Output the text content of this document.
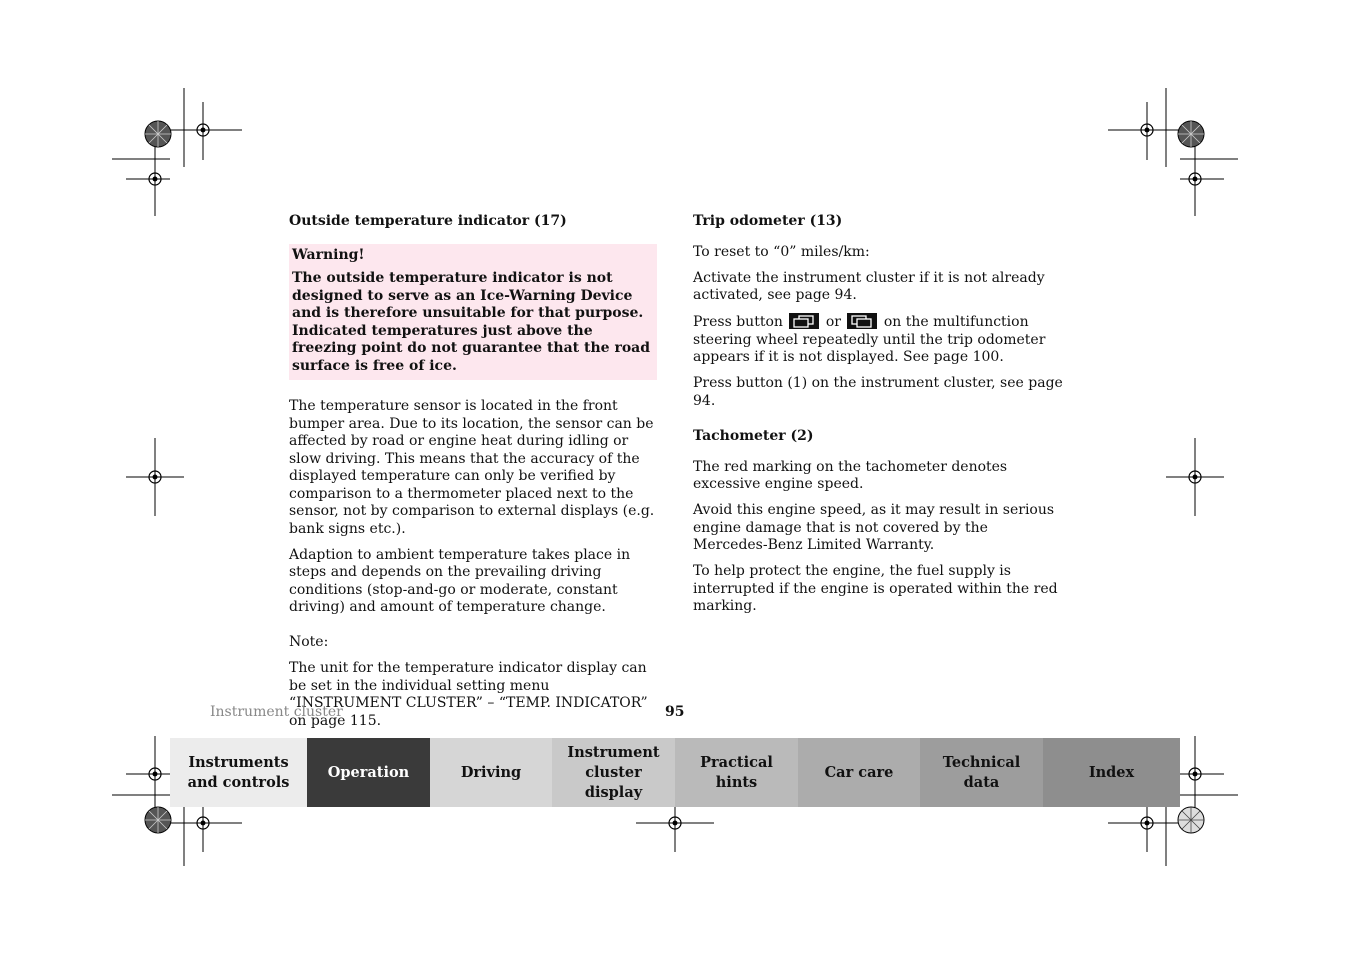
Outside temperature indicator (17)

Warning!

The outside temperature indicator is not designed to serve as an Ice-Warning Device and is therefore unsuitable for that purpose. Indicated temperatures just above the freezing point do not guarantee that the road surface is free of ice.

The temperature sensor is located in the front bumper area. Due to its location, the sensor can be affected by road or engine heat during idling or slow driving. This means that the accuracy of the displayed temperature can only be verified by comparison to a thermometer placed next to the sensor, not by comparison to external displays (e.g. bank signs etc.).

Adaption to ambient temperature takes place in steps and depends on the prevailing driving conditions (stop-and-go or moderate, constant driving) and amount of temperature change.

Note:

The unit for the temperature indicator display can be set in the individual setting menu “INSTRUMENT CLUSTER” – “TEMP. INDICATOR” on page 115.

Trip odometer (13)

To reset to “0” miles/km:

Activate the instrument cluster if it is not already activated, see page 94.

Press button	or	on the multifunction steering wheel repeatedly until the trip odometer appears if it is not displayed. See page 100.

Press button (1) on the instrument cluster, see page 94.

Tachometer (2)

The red marking on the tachometer denotes excessive engine speed.

Avoid this engine speed, as it may result in serious engine damage that is not covered by the Mercedes-Benz Limited Warranty.

To help protect the engine, the fuel supply is interrupted if the engine is operated within the red marking.

Instrument cluster	95
Instruments
and controls
Operation	Driving
Instrument
cluster display
Practical hints
Car care
Technical
data
Index
